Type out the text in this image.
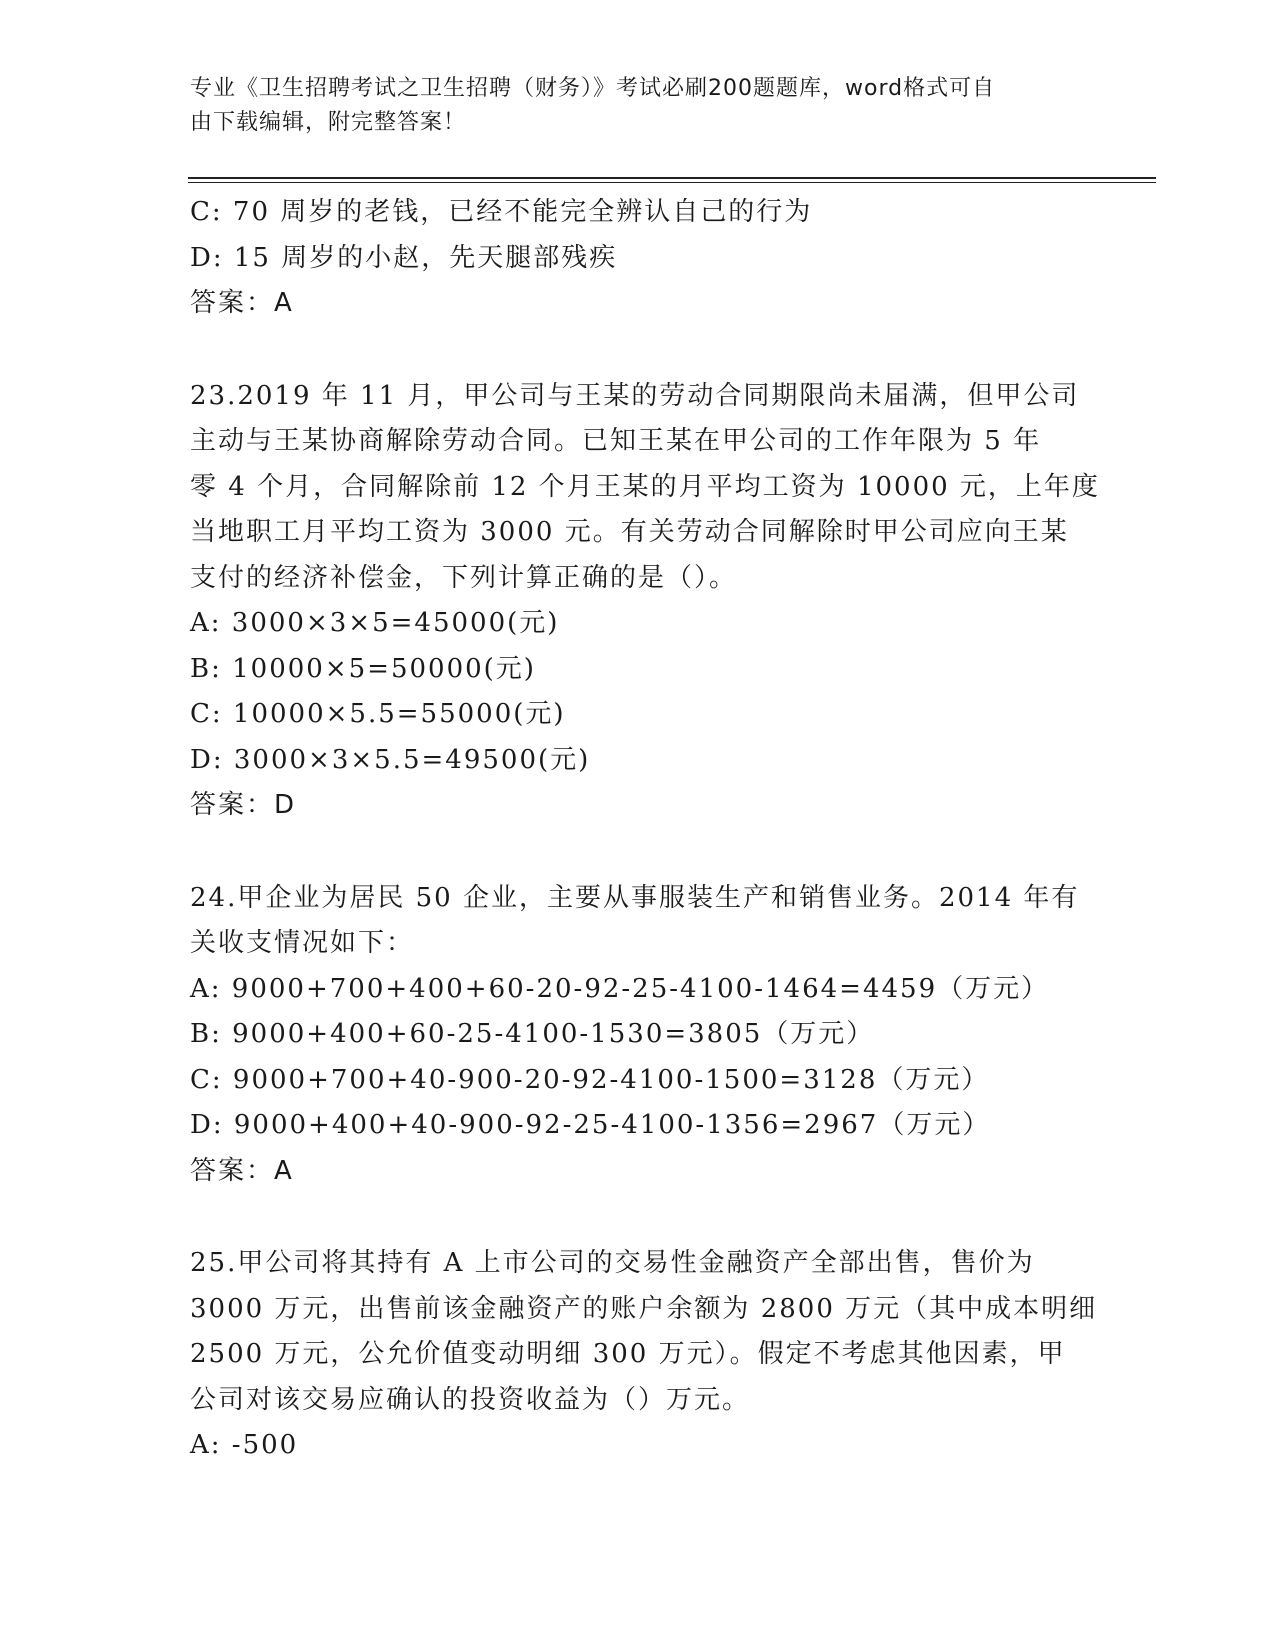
专业《卫生招聘考试之卫生招聘（财务）》考试必刷200题题库，word格式可自
由下载编辑，附完整答案！

C: 70 周岁的老钱，已经不能完全辨认自己的行为

D: 15 周岁的小赵，先天腿部残疾

答案：A

23.2019 年 11 月，甲公司与王某的劳动合同期限尚未届满，但甲公司

主动与王某协商解除劳动合同。已知王某在甲公司的工作年限为 5 年

零 4 个月，合同解除前 12 个月王某的月平均工资为 10000 元，上年度

当地职工月平均工资为 3000 元。有关劳动合同解除时甲公司应向王某

支付的经济补偿金，下列计算正确的是（）。

A: 3000×3×5=45000(元)

B: 10000×5=50000(元)

C: 10000×5.5=55000(元)

D: 3000×3×5.5=49500(元)

答案：D

24.甲企业为居民 50 企业，主要从事服装生产和销售业务。2014 年有

关收支情况如下：

A: 9000+700+400+60-20-92-25-4100-1464=4459（万元）

B: 9000+400+60-25-4100-1530=3805（万元）

C: 9000+700+40-900-20-92-4100-1500=3128（万元）

D: 9000+400+40-900-92-25-4100-1356=2967（万元）

答案：A

25.甲公司将其持有 A 上市公司的交易性金融资产全部出售，售价为

3000 万元，出售前该金融资产的账户余额为 2800 万元（其中成本明细

2500 万元，公允价值变动明细 300 万元）。假定不考虑其他因素，甲

公司对该交易应确认的投资收益为（）万元。

A: -500
